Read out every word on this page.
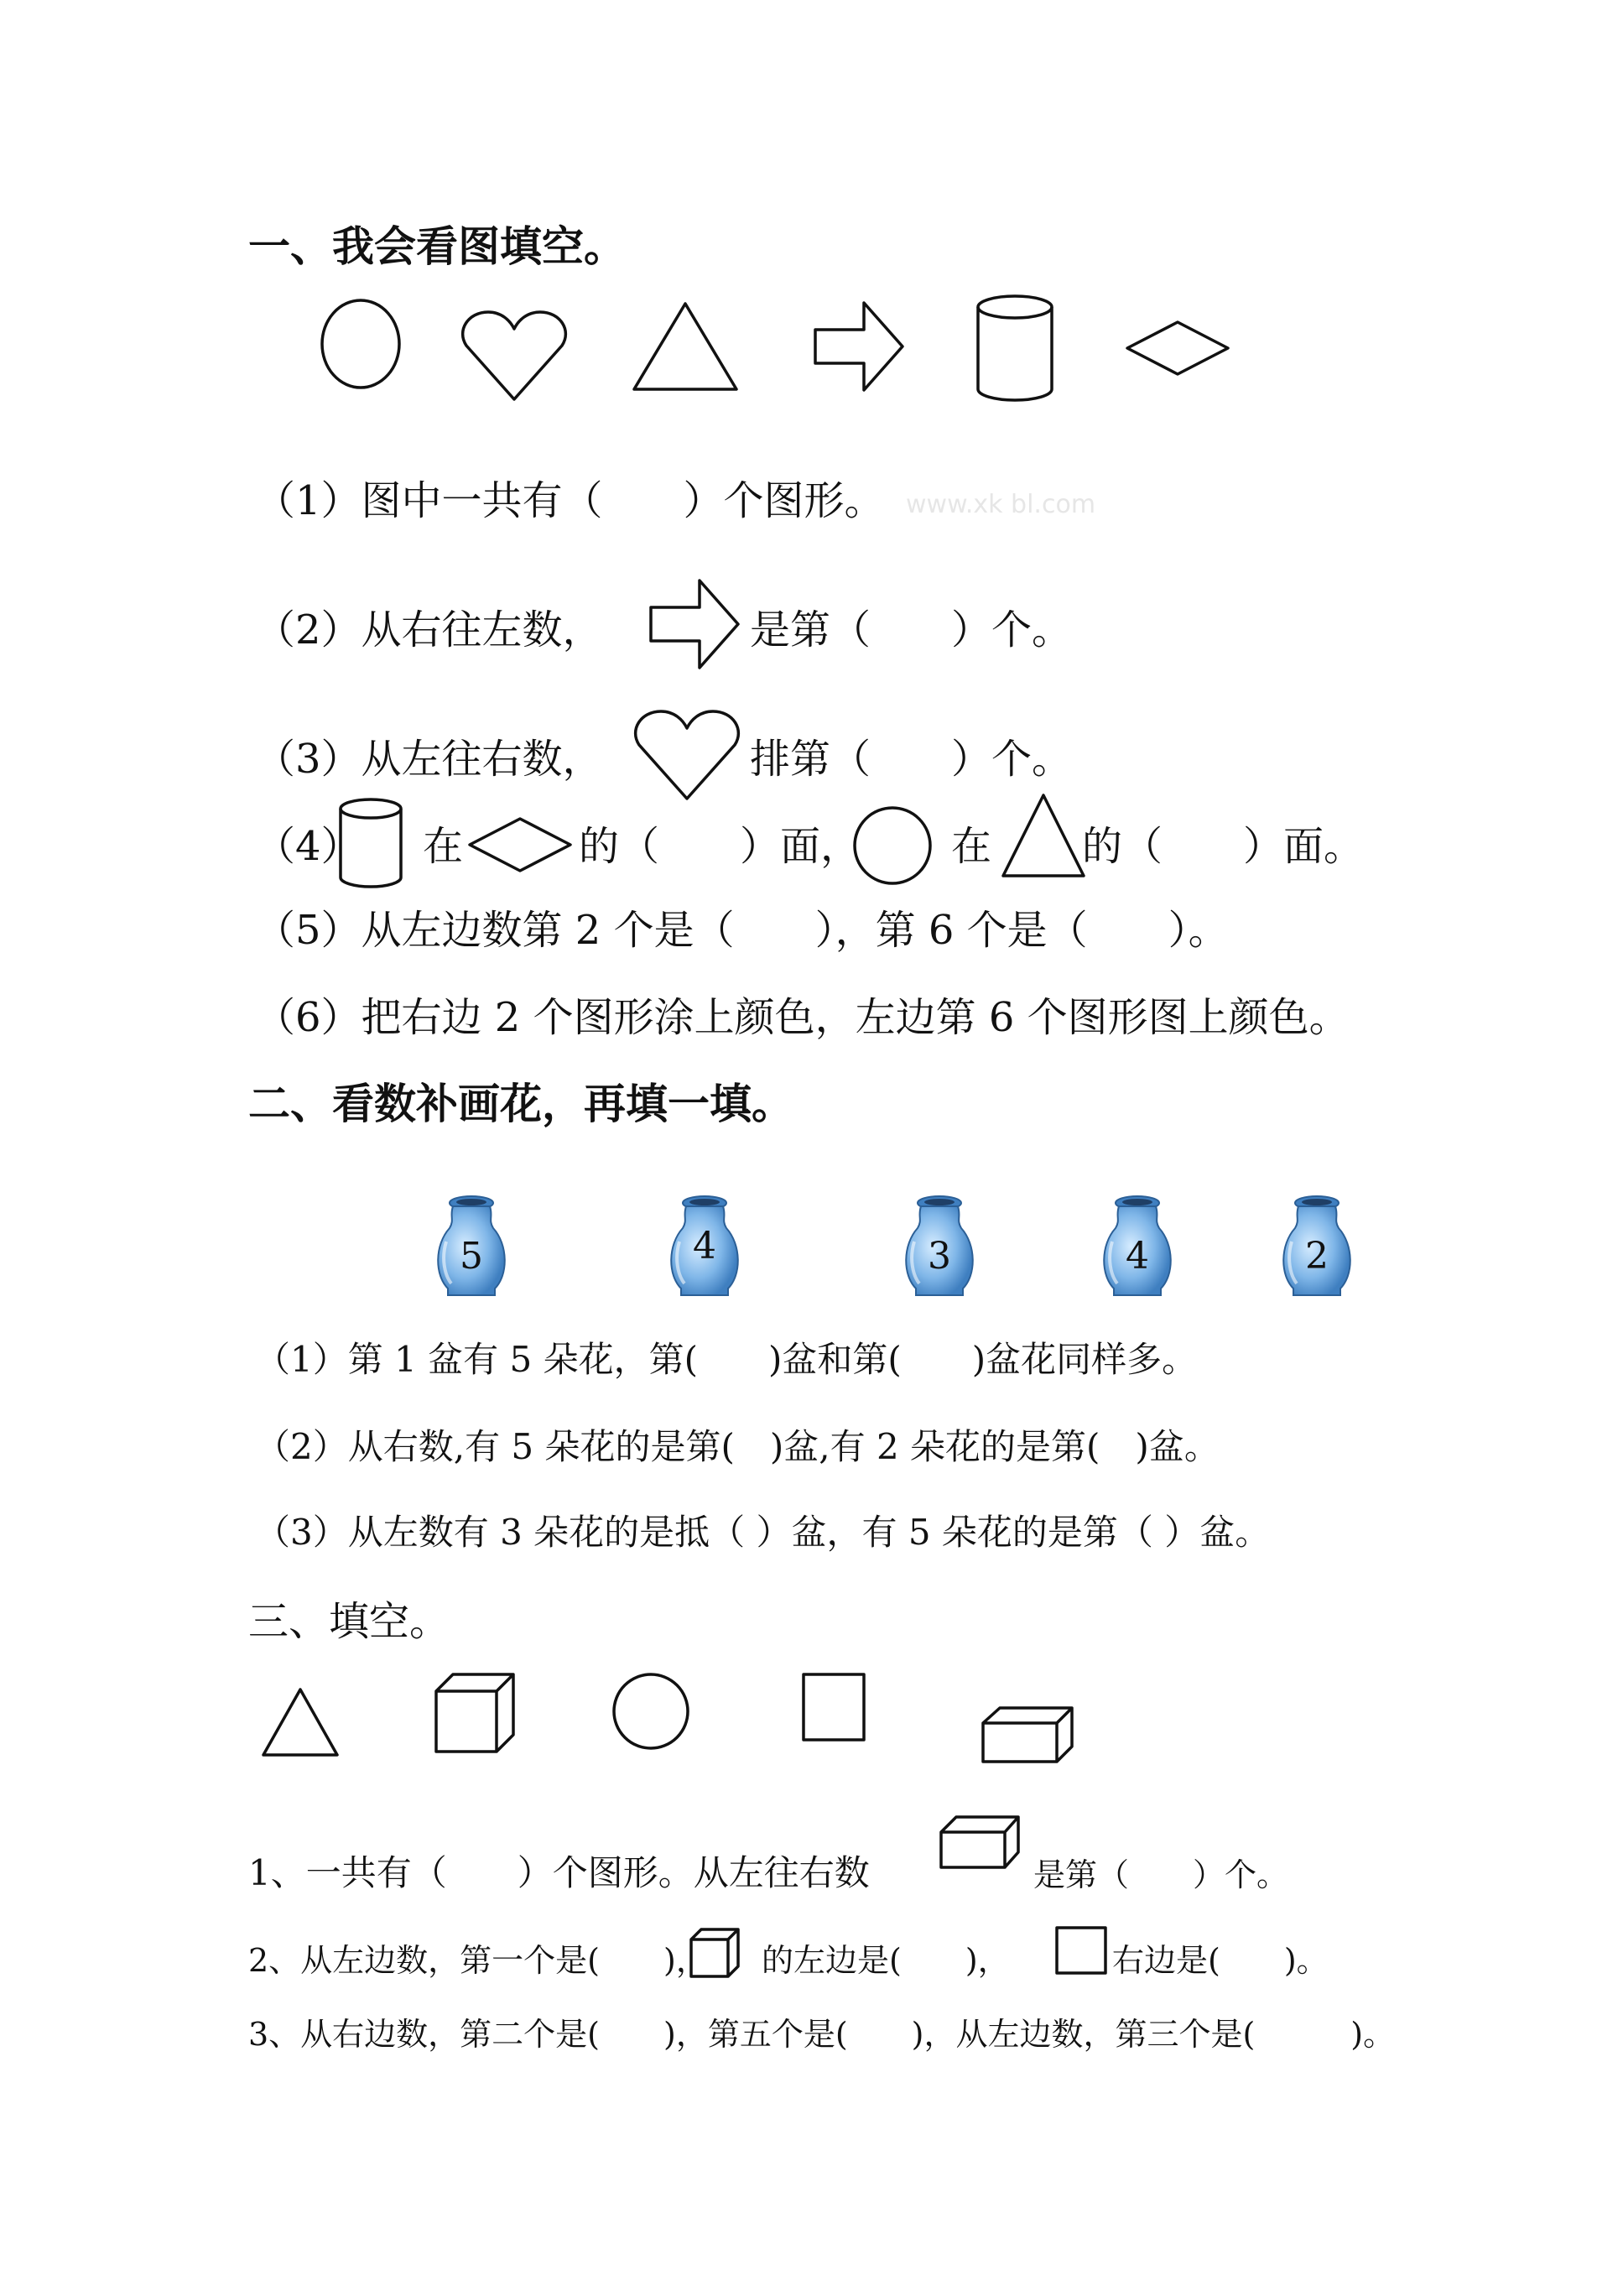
一、我会看图填空。
（1）图中一共有（　　）个图形。 www.xk bl.com
（2）从右往左数，	是第（　　）个。
（3）从左往右数，	排第（　　）个。
（4） 在	的（　　）面， 在 的（　　）面。
（5）从左边数第 2 个是（　　），第 6 个是（　　）。
（6）把右边 2 个图形涂上颜色，左边第 6 个图形图上颜色。
二、看数补画花，再填一填。
5	4	3	4	2
（1）第 1 盆有 5 朵花，第(　　)盆和第(　　)盆花同样多。
（2）从右数,有 5 朵花的是第(　)盆,有 2 朵花的是第(　)盆。
（3）从左数有 3 朵花的是抵（ ）盆，有 5 朵花的是第（ ）盆。
三、填空。
1、一共有（　　）个图形。从左往右数	是第（　　）个。
2、从左边数，第一个是(　　)， 的左边是(　　)，	右边是(　　)。
3、从右边数，第二个是(　　)，第五个是(　　)，从左边数，第三个是(　　　)。
